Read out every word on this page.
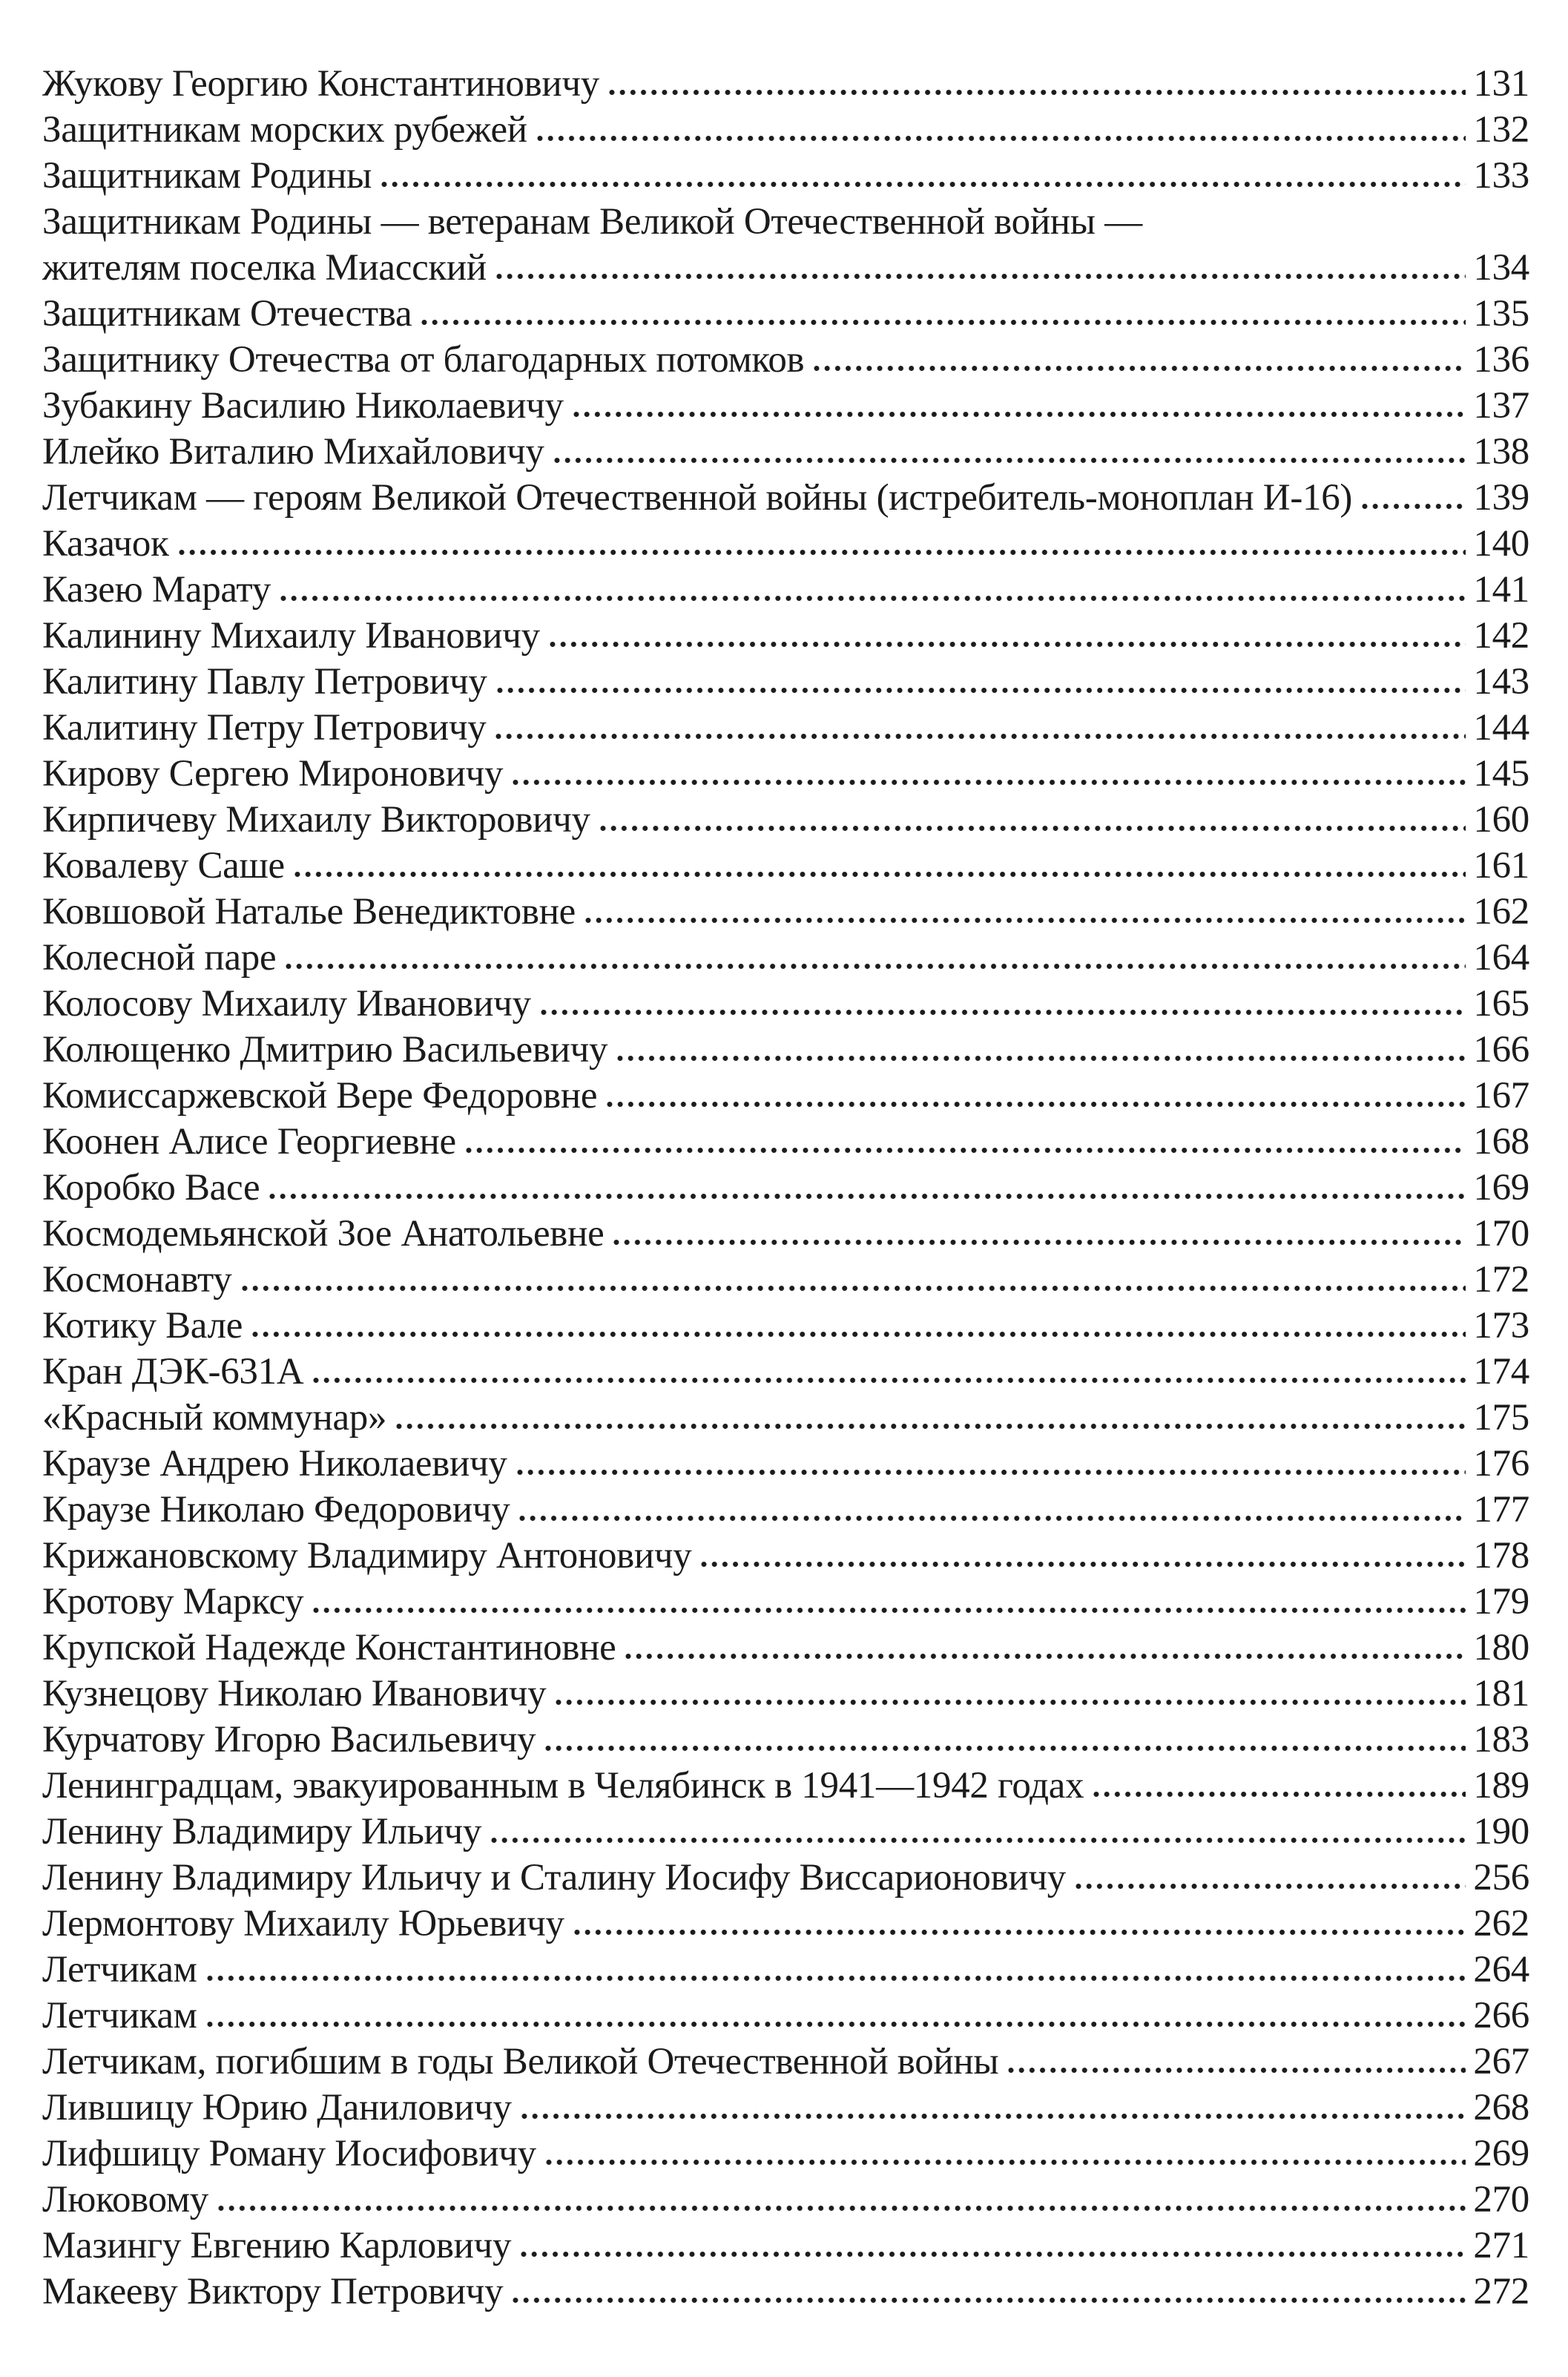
Жукову Георгию Константиновичу	131
Защитникам морских рубежей	132
Защитникам Родины	133
Защитникам Родины — ветеранам Великой Отечественной войны —
жителям поселка Миасский	134
Защитникам Отечества	135
Защитнику Отечества от благодарных потомков	136
Зубакину Василию Николаевичу	137
Илейко Виталию Михайловичу	138
Летчикам — героям Великой Отечественной войны (истребитель-моноплан И-16)	139
Казачок	140
Казею Марату	141
Калинину Михаилу Ивановичу	142
Калитину Павлу Петровичу	143
Калитину Петру Петровичу	144
Кирову Сергею Мироновичу	145
Кирпичеву Михаилу Викторовичу	160
Ковалеву Саше	161
Ковшовой Наталье Венедиктовне	162
Колесной паре	164
Колосову Михаилу Ивановичу	165
Колющенко Дмитрию Васильевичу	166
Комиссаржевской Вере Федоровне	167
Коонен Алисе Георгиевне	168
Коробко Васе	169
Космодемьянской Зое Анатольевне	170
Космонавту	172
Котику Вале	173
Кран ДЭК-631А	174
«Красный коммунар»	175
Краузе Андрею Николаевичу	176
Краузе Николаю Федоровичу	177
Крижановскому Владимиру Антоновичу	178
Кротову Марксу	179
Крупской Надежде Константиновне	180
Кузнецову Николаю Ивановичу	181
Курчатову Игорю Васильевичу	183
Ленинградцам, эвакуированным в Челябинск в 1941—1942 годах	189
Ленину Владимиру Ильичу	190
Ленину Владимиру Ильичу и Сталину Иосифу Виссарионовичу	256
Лермонтову Михаилу Юрьевичу	262
Летчикам	264
Летчикам	266
Летчикам, погибшим в годы Великой Отечественной войны	267
Лившицу Юрию Даниловичу	268
Лифшицу Роману Иосифовичу	269
Люковому	270
Мазингу Евгению Карловичу	271
Макееву Виктору Петровичу	272
